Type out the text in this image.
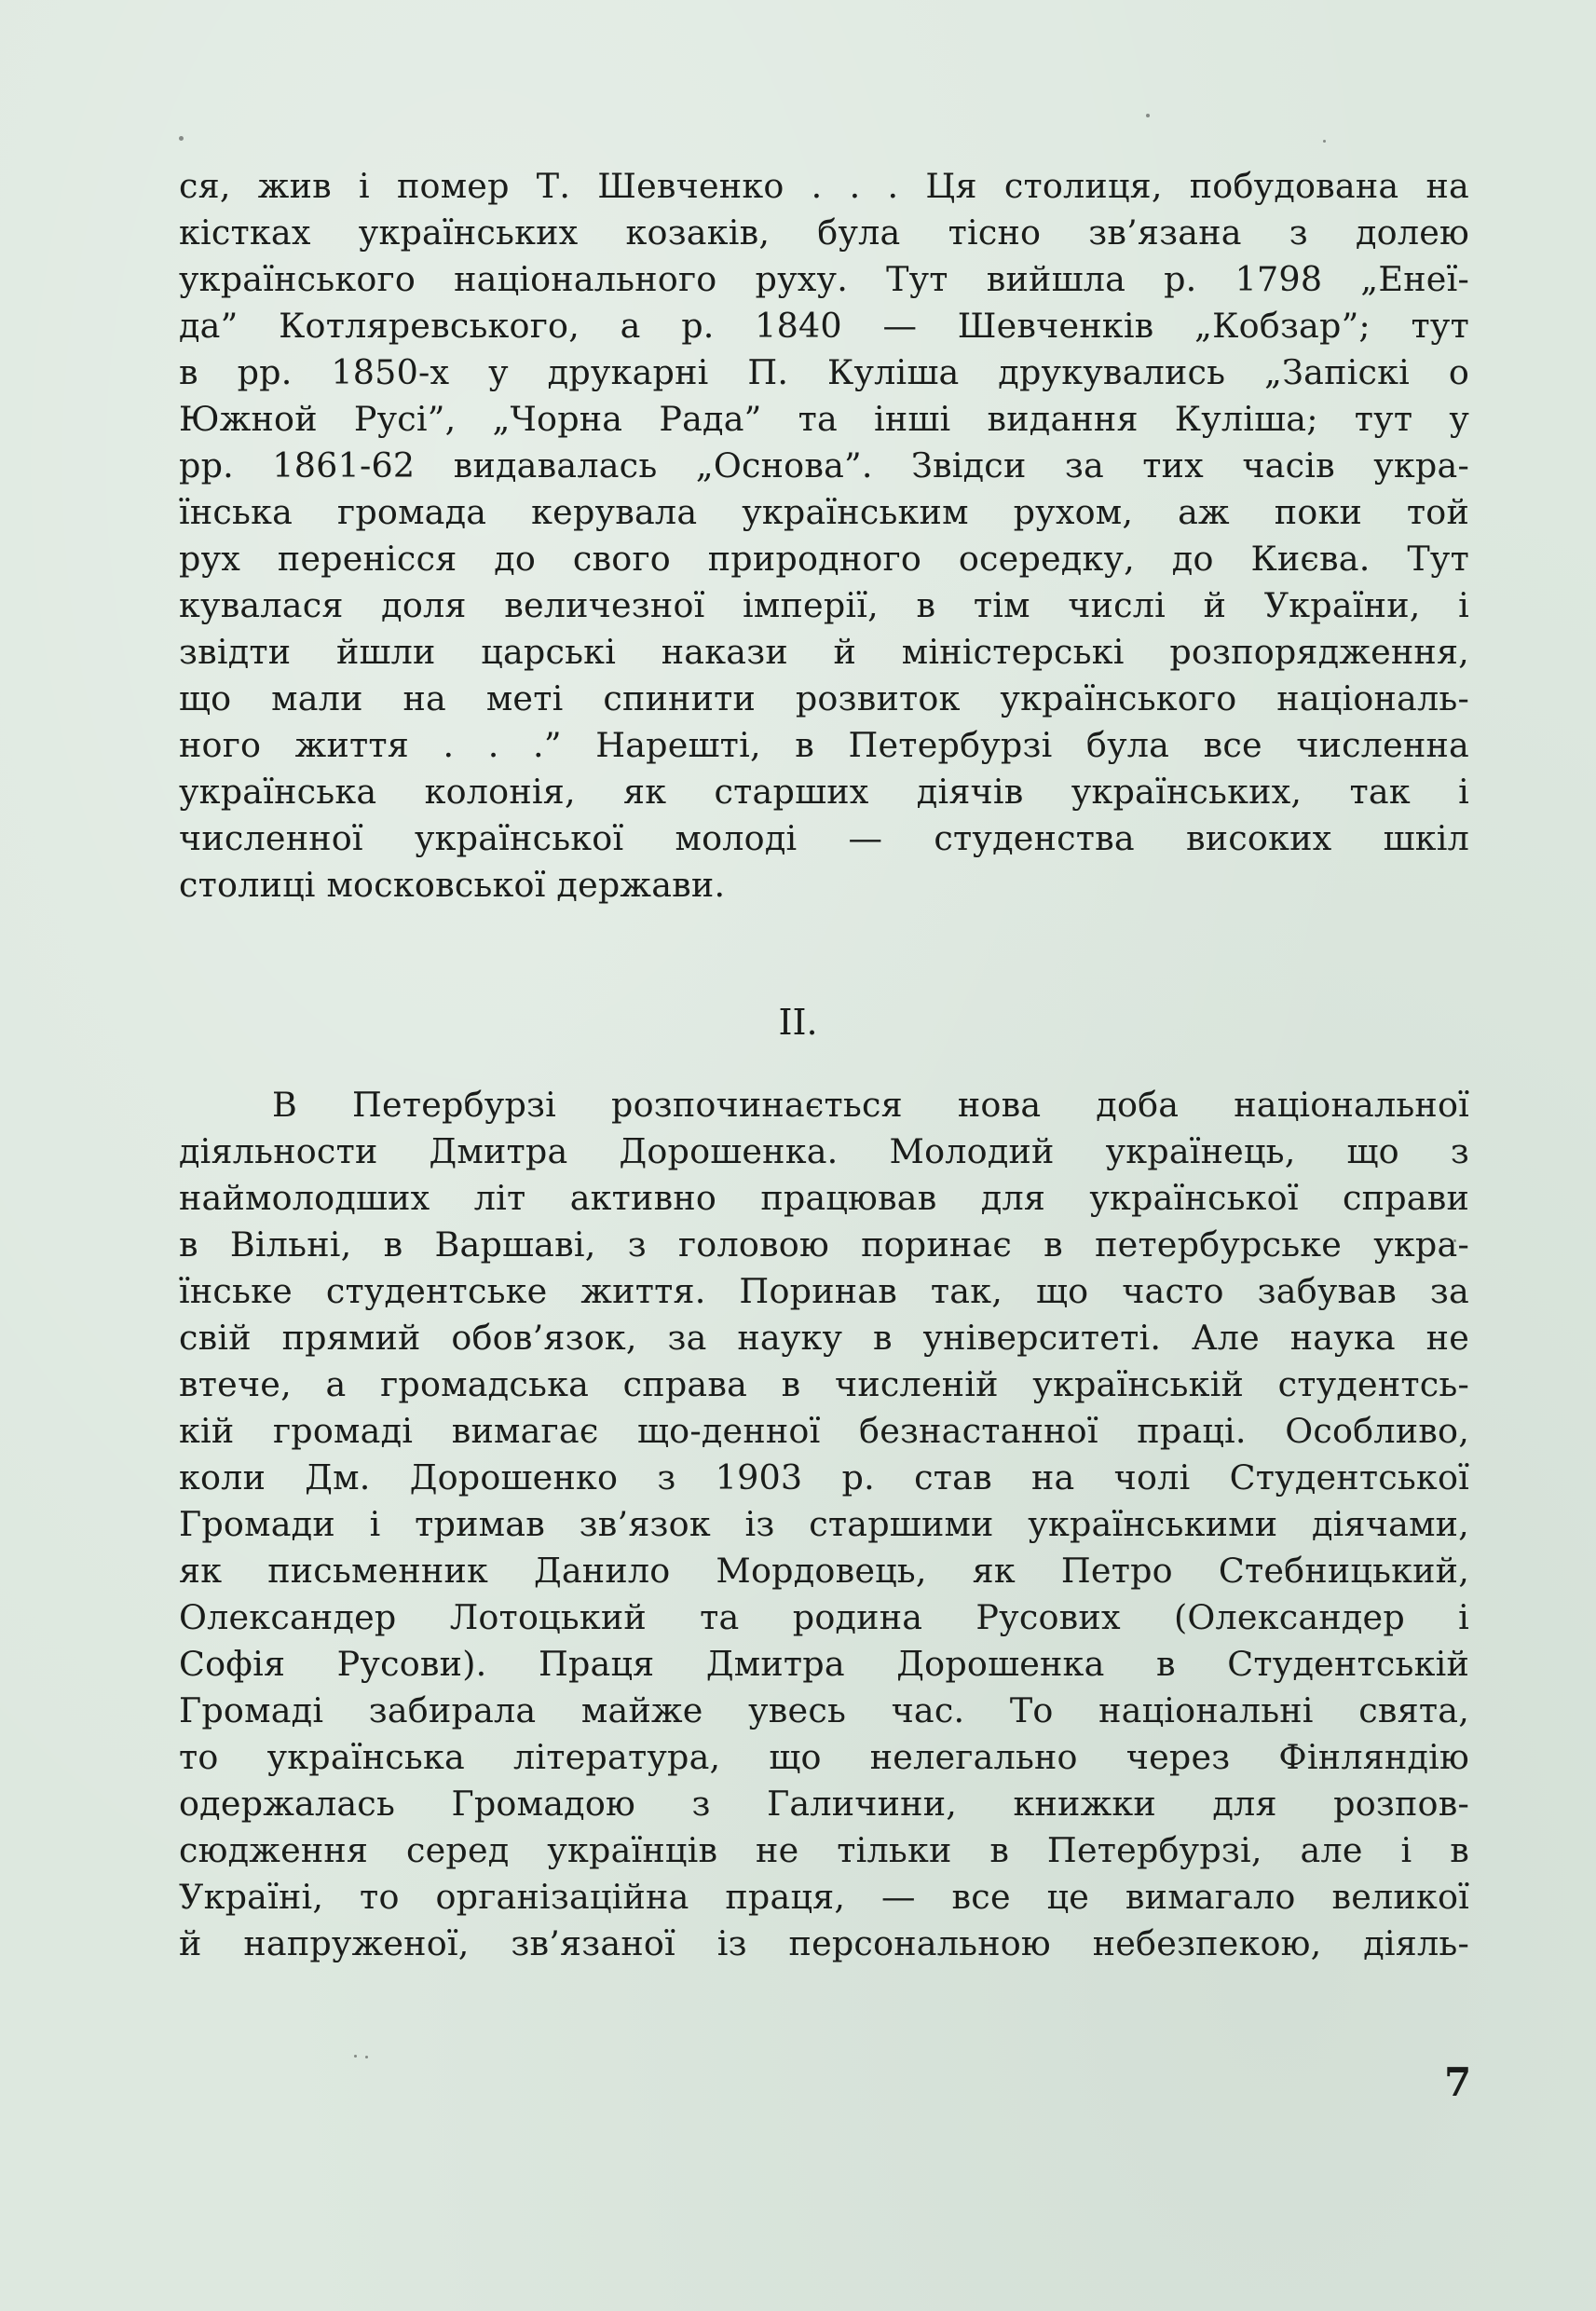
ся, жив і помер Т. Шевченко . . . Ця столиця, побудована на
кістках українських козаків, була тісно зв’язана з долею
українського національного руху. Тут вийшла р. 1798 „Енеї-
да” Котляревського, а р. 1840 — Шевченків „Кобзар”; тут
в рр. 1850-х у друкарні П. Куліша друкувались „Запіскі о
Южной Русі”, „Чорна Рада” та інші видання Куліша; тут у
рр. 1861-62 видавалась „Основа”. Звідси за тих часів укра-
їнська громада керувала українським рухом, аж поки той
рух перенісся до свого природного осередку, до Києва. Тут
кувалася доля величезної імперії, в тім числі й України, і
звідти йшли царські накази й міністерські розпорядження,
що мали на меті спинити розвиток українського національ-
ного життя . . .” Нарешті, в Петербурзі була все численна
українська колонія, як старших діячів українських, так і
численної української молоді — студенства високих шкіл
столиці московської держави.
II.
В Петербурзі розпочинається нова доба національної
діяльности Дмитра Дорошенка. Молодий українець, що з
наймолодших літ активно працював для української справи
в Вільні, в Варшаві, з головою поринає в петербурське укра-
їнське студентське життя. Поринав так, що часто забував за
свій прямий обов’язок, за науку в університеті. Але наука не
втече, а громадська справа в численій українській студентсь-
кій громаді вимагає що-денної безнастанної праці. Особливо,
коли Дм. Дорошенко з 1903 р. став на чолі Студентської
Громади і тримав зв’язок із старшими українськими діячами,
як письменник Данило Мордовець, як Петро Стебницький,
Олександер Лотоцький та родина Русових (Олександер і
Софія Русови). Праця Дмитра Дорошенка в Студентській
Громаді забирала майже увесь час. То національні свята,
то українська література, що нелегально через Фінляндію
одержалась Громадою з Галичини, книжки для розпов-
сюдження серед українців не тільки в Петербурзі, але і в
Україні, то організаційна праця, — все це вимагало великої
й напруженої, зв’язаної із персональною небезпекою, діяль-
7
